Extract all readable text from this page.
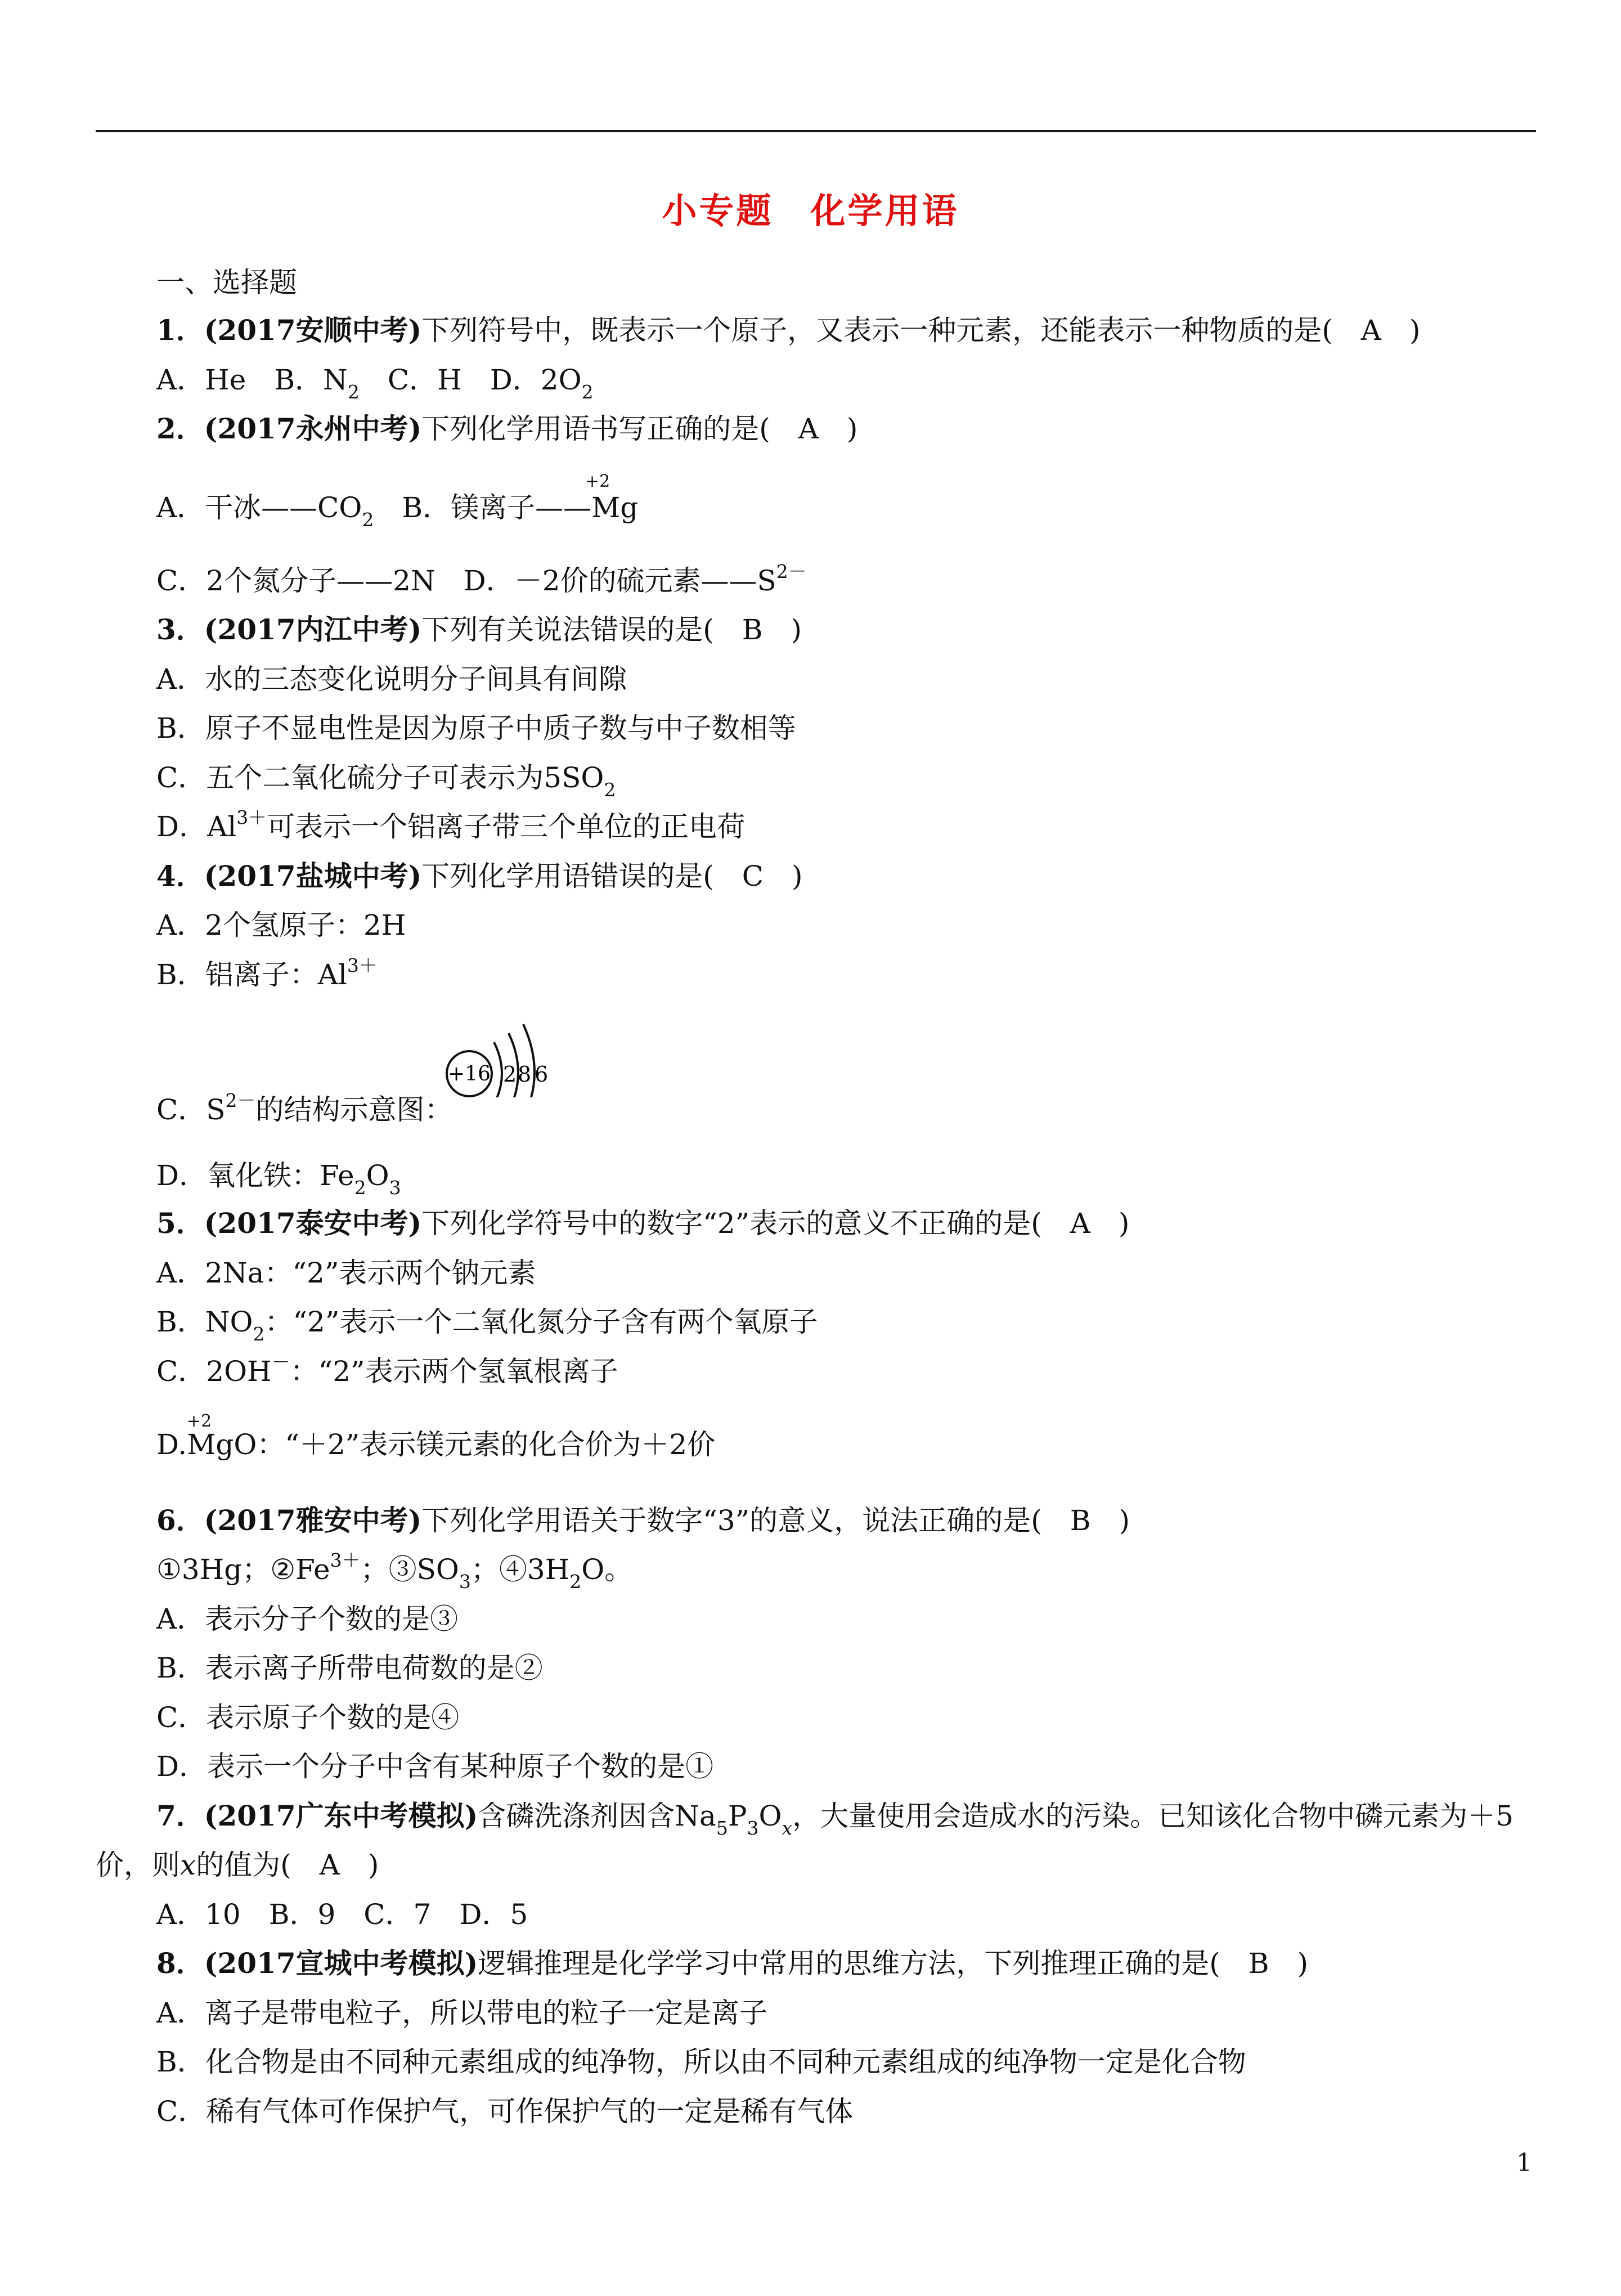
小专题　化学用语
一、选择题
1．(2017安顺中考)下列符号中，既表示一个原子，又表示一种元素，还能表示一种物质的是(　A　)
A．He　 B．$N_2$　 C．H　 D．$2O_2$
2．(2017永州中考)下列化学用语书写正确的是(　A　)
A．干冰$——CO_2$　 B．镁离子——Mg
+2
C．2个氮分子——2N　 D．－2价的硫元素$——S^{2-}$
3．(2017内江中考)下列有关说法错误的是(　B　)
A．水的三态变化说明分子间具有间隙
B．原子不显电性是因为原子中质子数与中子数相等
C．五个二氧化硫分子可表示为$5SO_2$
D．$Al^{3+}$可表示一个铝离子带三个单位的正电荷
4．(2017盐城中考)下列化学用语错误的是(　C　)
A．2个氢原子：2H
B．铝离子：$Al^{3+}$
C．$S^{2-}$的结构示意图：
+16 2 8 6
D．氧化铁：$Fe_2O_3$
5．(2017泰安中考)下列化学符号中的数字“2”表示的意义不正确的是(　A　)
A．2Na：“2”表示两个钠元素
B．$NO_2$：“2”表示一个二氧化氮分子含有两个氧原子
C．2OH－：“2”表示两个氢氧根离子
+2
D.MgO：“＋2”表示镁元素的化合价为＋2价
6．(2017雅安中考)下列化学用语关于数字“3”的意义，说法正确的是(　B　)
①3Hg；$②Fe^{3+}$；$③SO_3$；$④3H_2O$。
A．表示分子个数的是③
B．表示离子所带电荷数的是②
C．表示原子个数的是④
D．表示一个分子中含有某种原子个数的是①
7．(2017广东中考模拟)含磷洗涤剂因含$Na_5P_3O_x$，大量使用会造成水的污染。已知该化合物中磷元素为＋5
价，则x的值为(　A　)
A．10　B．9　C．7　D．5
8．(2017宣城中考模拟)逻辑推理是化学学习中常用的思维方法，下列推理正确的是(　B　)
A．离子是带电粒子，所以带电的粒子一定是离子
B．化合物是由不同种元素组成的纯净物，所以由不同种元素组成的纯净物一定是化合物
C．稀有气体可作保护气，可作保护气的一定是稀有气体
1
